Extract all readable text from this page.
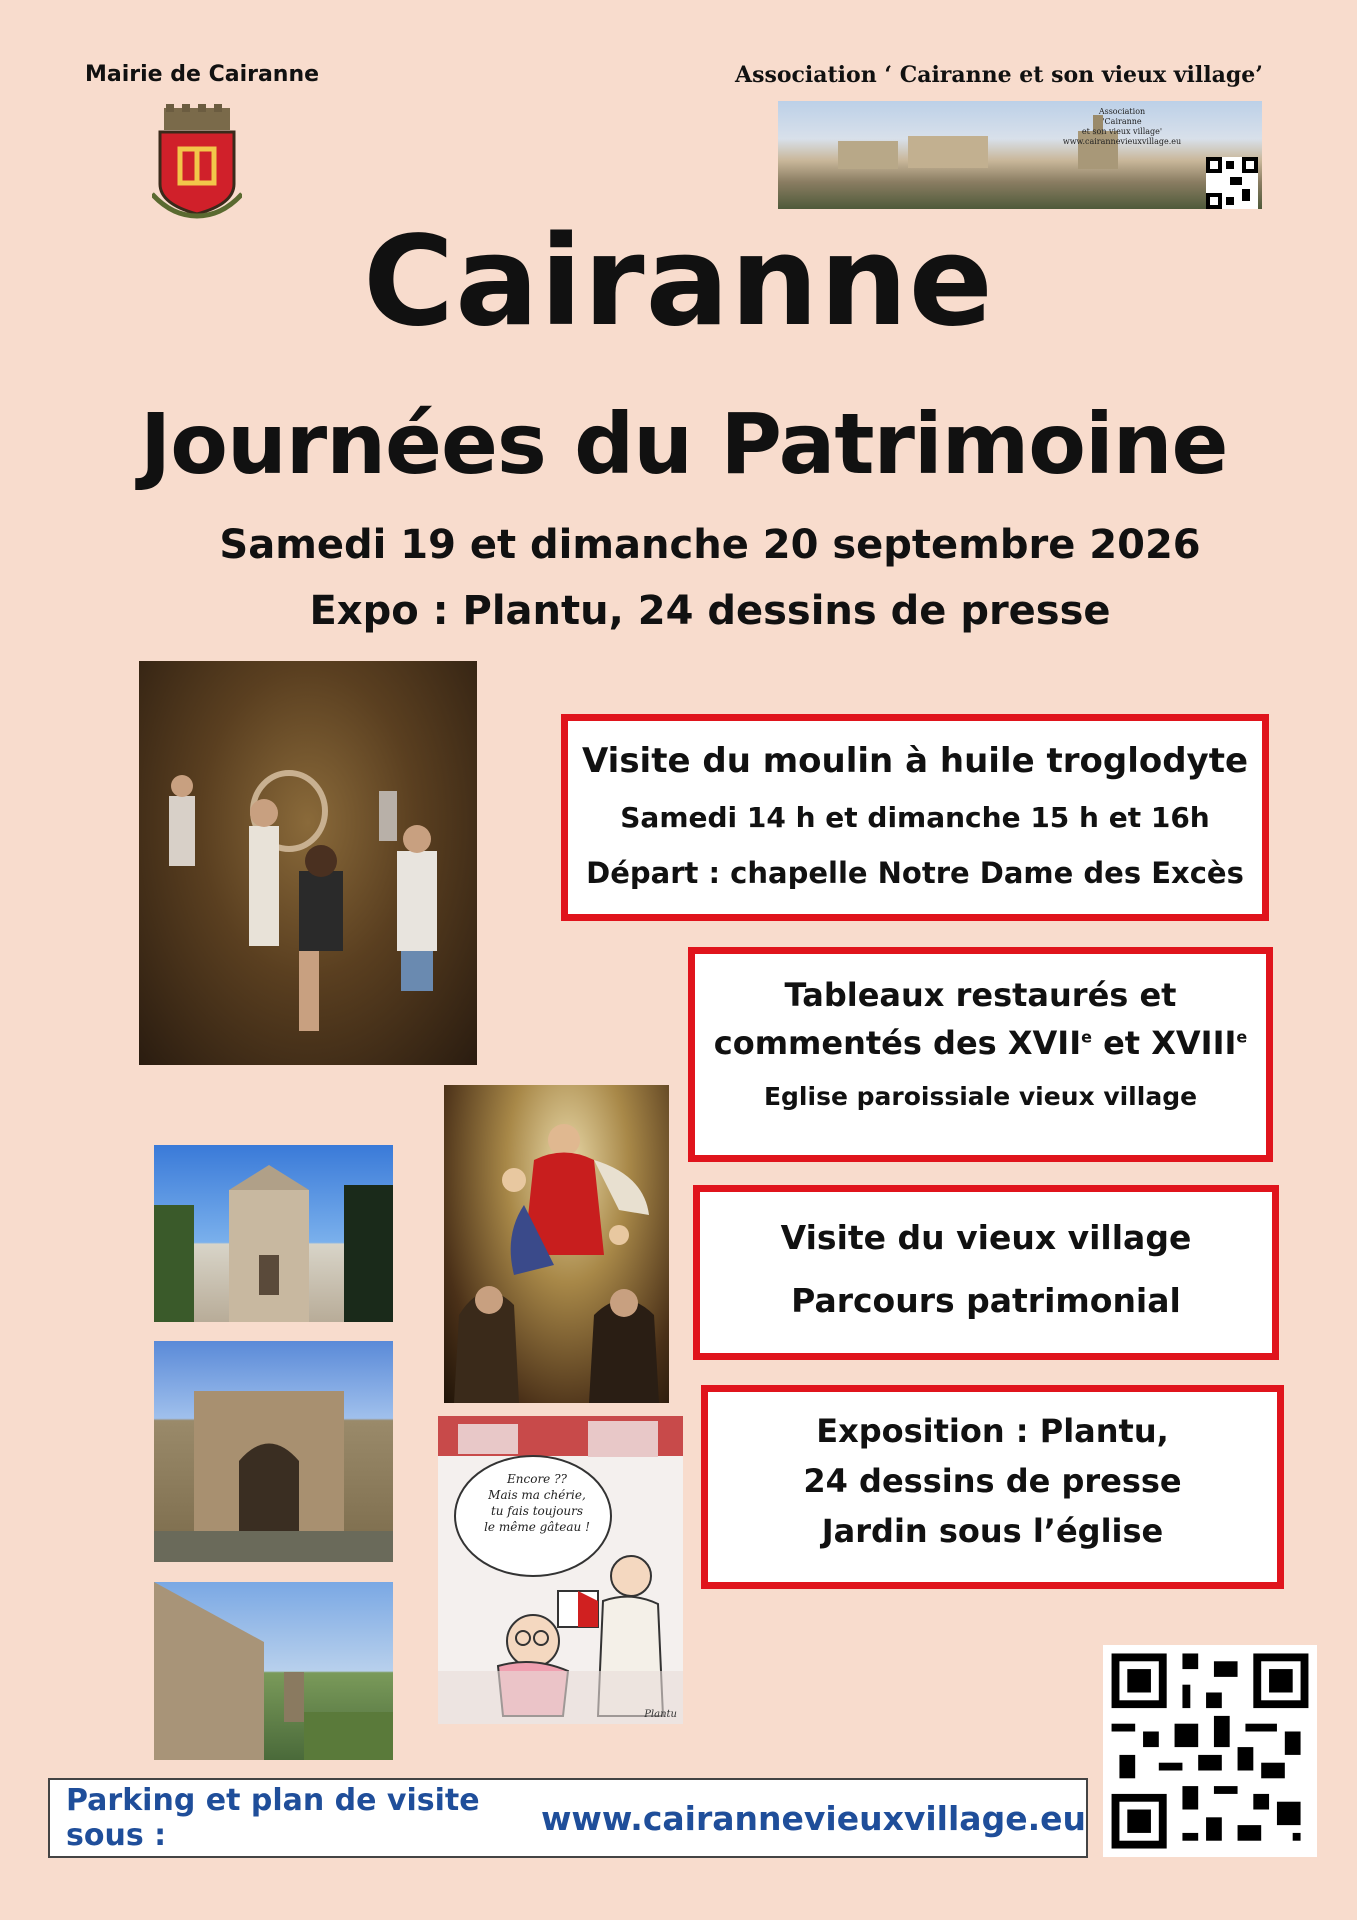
Mairie de Cairanne	Association ‘ Cairanne et son vieux village’
Association
'Cairanne
et son vieux village'
www.cairannevieuxvillage.eu
Cairanne
Journées du Patrimoine
Samedi 19 et dimanche 20 septembre 2026
Expo : Plantu, 24 dessins de presse
Encore ??
Mais ma chérie,
tu fais toujours
le même gâteau !
Plantu
Visite du moulin à huile troglodyte
Samedi 14 h et dimanche 15 h et 16h
Départ : chapelle Notre Dame des Excès
Tableaux restaurés et
commentés des XVIIe et XVIIIe
Eglise paroissiale vieux village
Visite du vieux village
Parcours patrimonial
Exposition : Plantu,
24 dessins de presse
Jardin sous l’église
Parking et plan de visite sous :	www.cairannevieuxvillage.eu
